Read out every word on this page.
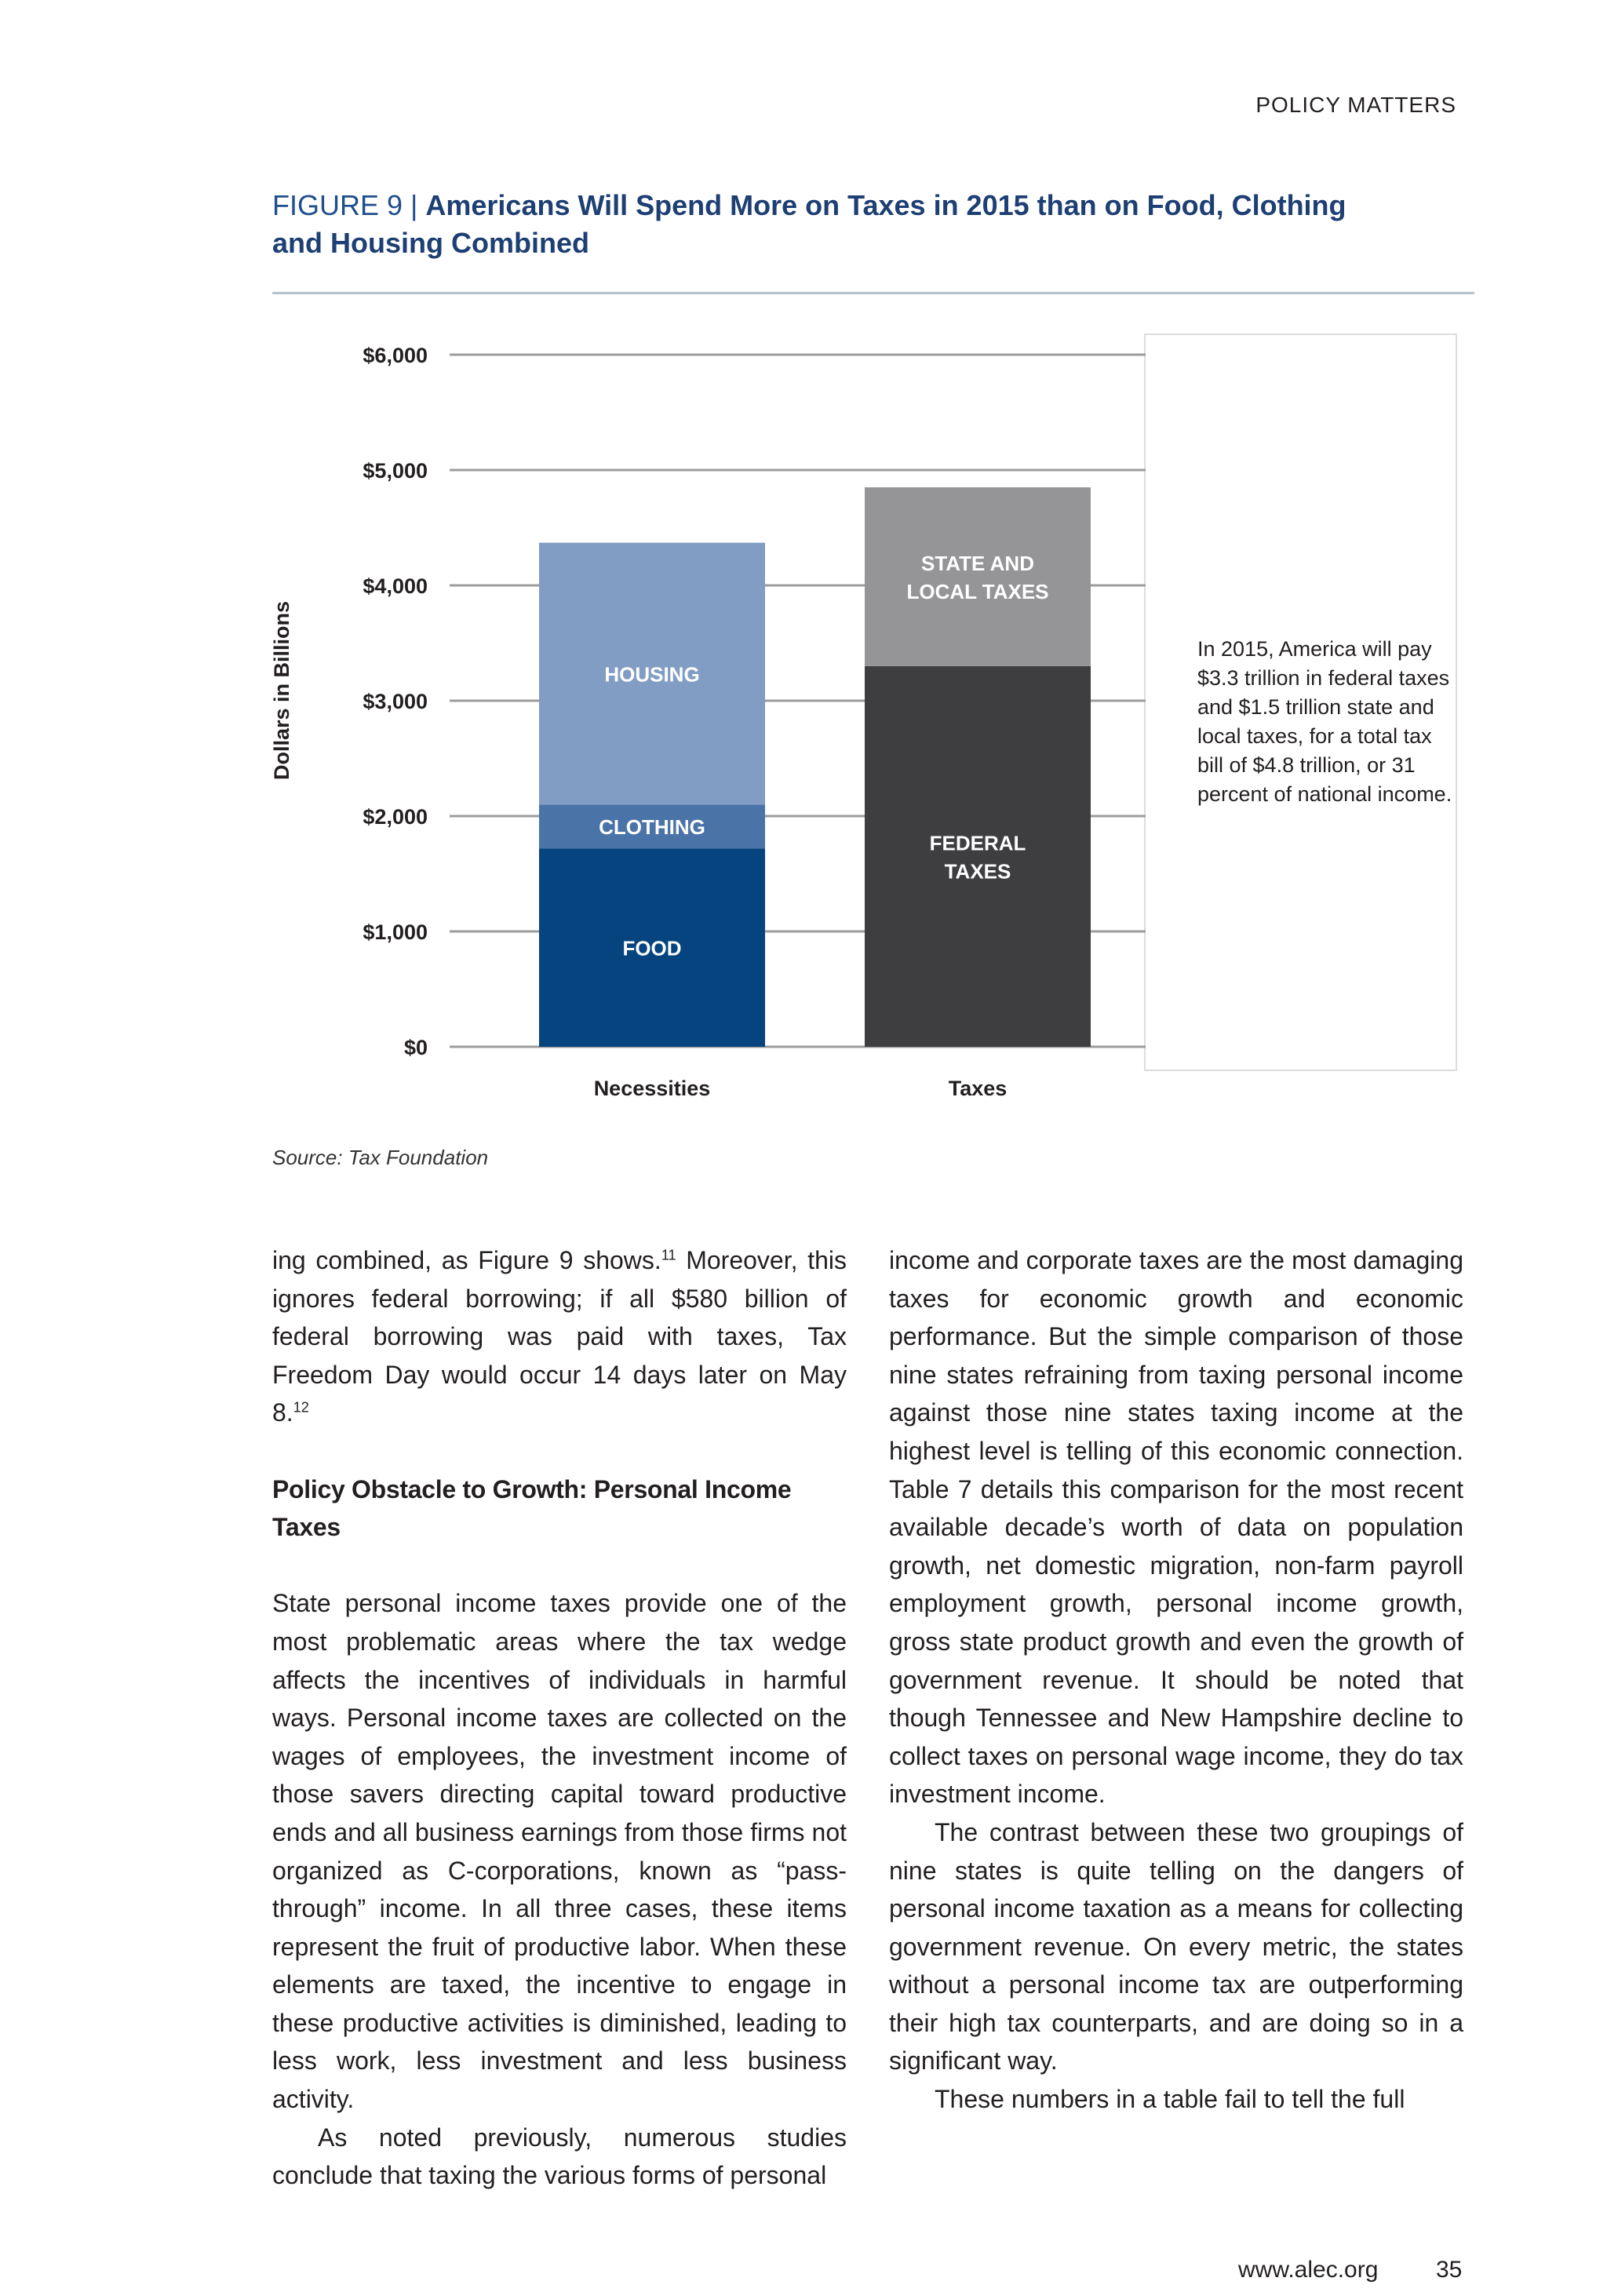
POLICY MATTERS
FIGURE 9 | Americans Will Spend More on Taxes in 2015 than on Food, Clothing
and Housing Combined
$0
$1,000
$2,000
$3,000
$4,000
$5,000
$6,000
Dollars in Billions
FOOD
CLOTHING
HOUSING
FEDERAL
TAXES
STATE AND
LOCAL TAXES
Necessities	Taxes
In 2015, America will pay
$3.3 trillion in federal taxes
and $1.5 trillion state and
local taxes, for a total tax
bill of $4.8 trillion, or 31
percent of national income.
Source: Tax Foundation

ing combined, as Figure 9 shows.$^{11}$ Moreover, this ignores federal borrowing; if all $580 billion of federal borrowing was paid with taxes, Tax Freedom Day would occur 14 days later on May 8.12

Policy Obstacle to Growth: Personal Income Taxes

State personal income taxes provide one of the most problematic areas where the tax wedge affects the incentives of individuals in harmful ways. Personal income taxes are collected on the wages of employees, the investment income of those savers directing capital toward productive ends and all business earnings from those firms not organized as C-corporations, known as “pass-through” income. In all three cases, these items represent the fruit of productive labor. When these elements are taxed, the incentive to engage in these productive activities is diminished, leading to less work, less investment and less business activity.

As noted previously, numerous studies conclude that taxing the various forms of personal

income and corporate taxes are the most damaging taxes for economic growth and economic performance. But the simple comparison of those nine states refraining from taxing personal income against those nine states taxing income at the highest level is telling of this economic connection. Table 7 details this comparison for the most recent available decade’s worth of data on population growth, net domestic migration, non-farm payroll employment growth, personal income growth, gross state product growth and even the growth of government revenue. It should be noted that though Tennessee and New Hampshire decline to collect taxes on personal wage income, they do tax investment income.

The contrast between these two groupings of nine states is quite telling on the dangers of personal income taxation as a means for collecting government revenue. On every metric, the states without a personal income tax are outperforming their high tax counterparts, and are doing so in a significant way.

These numbers in a table fail to tell the full

www.alec.org 35
